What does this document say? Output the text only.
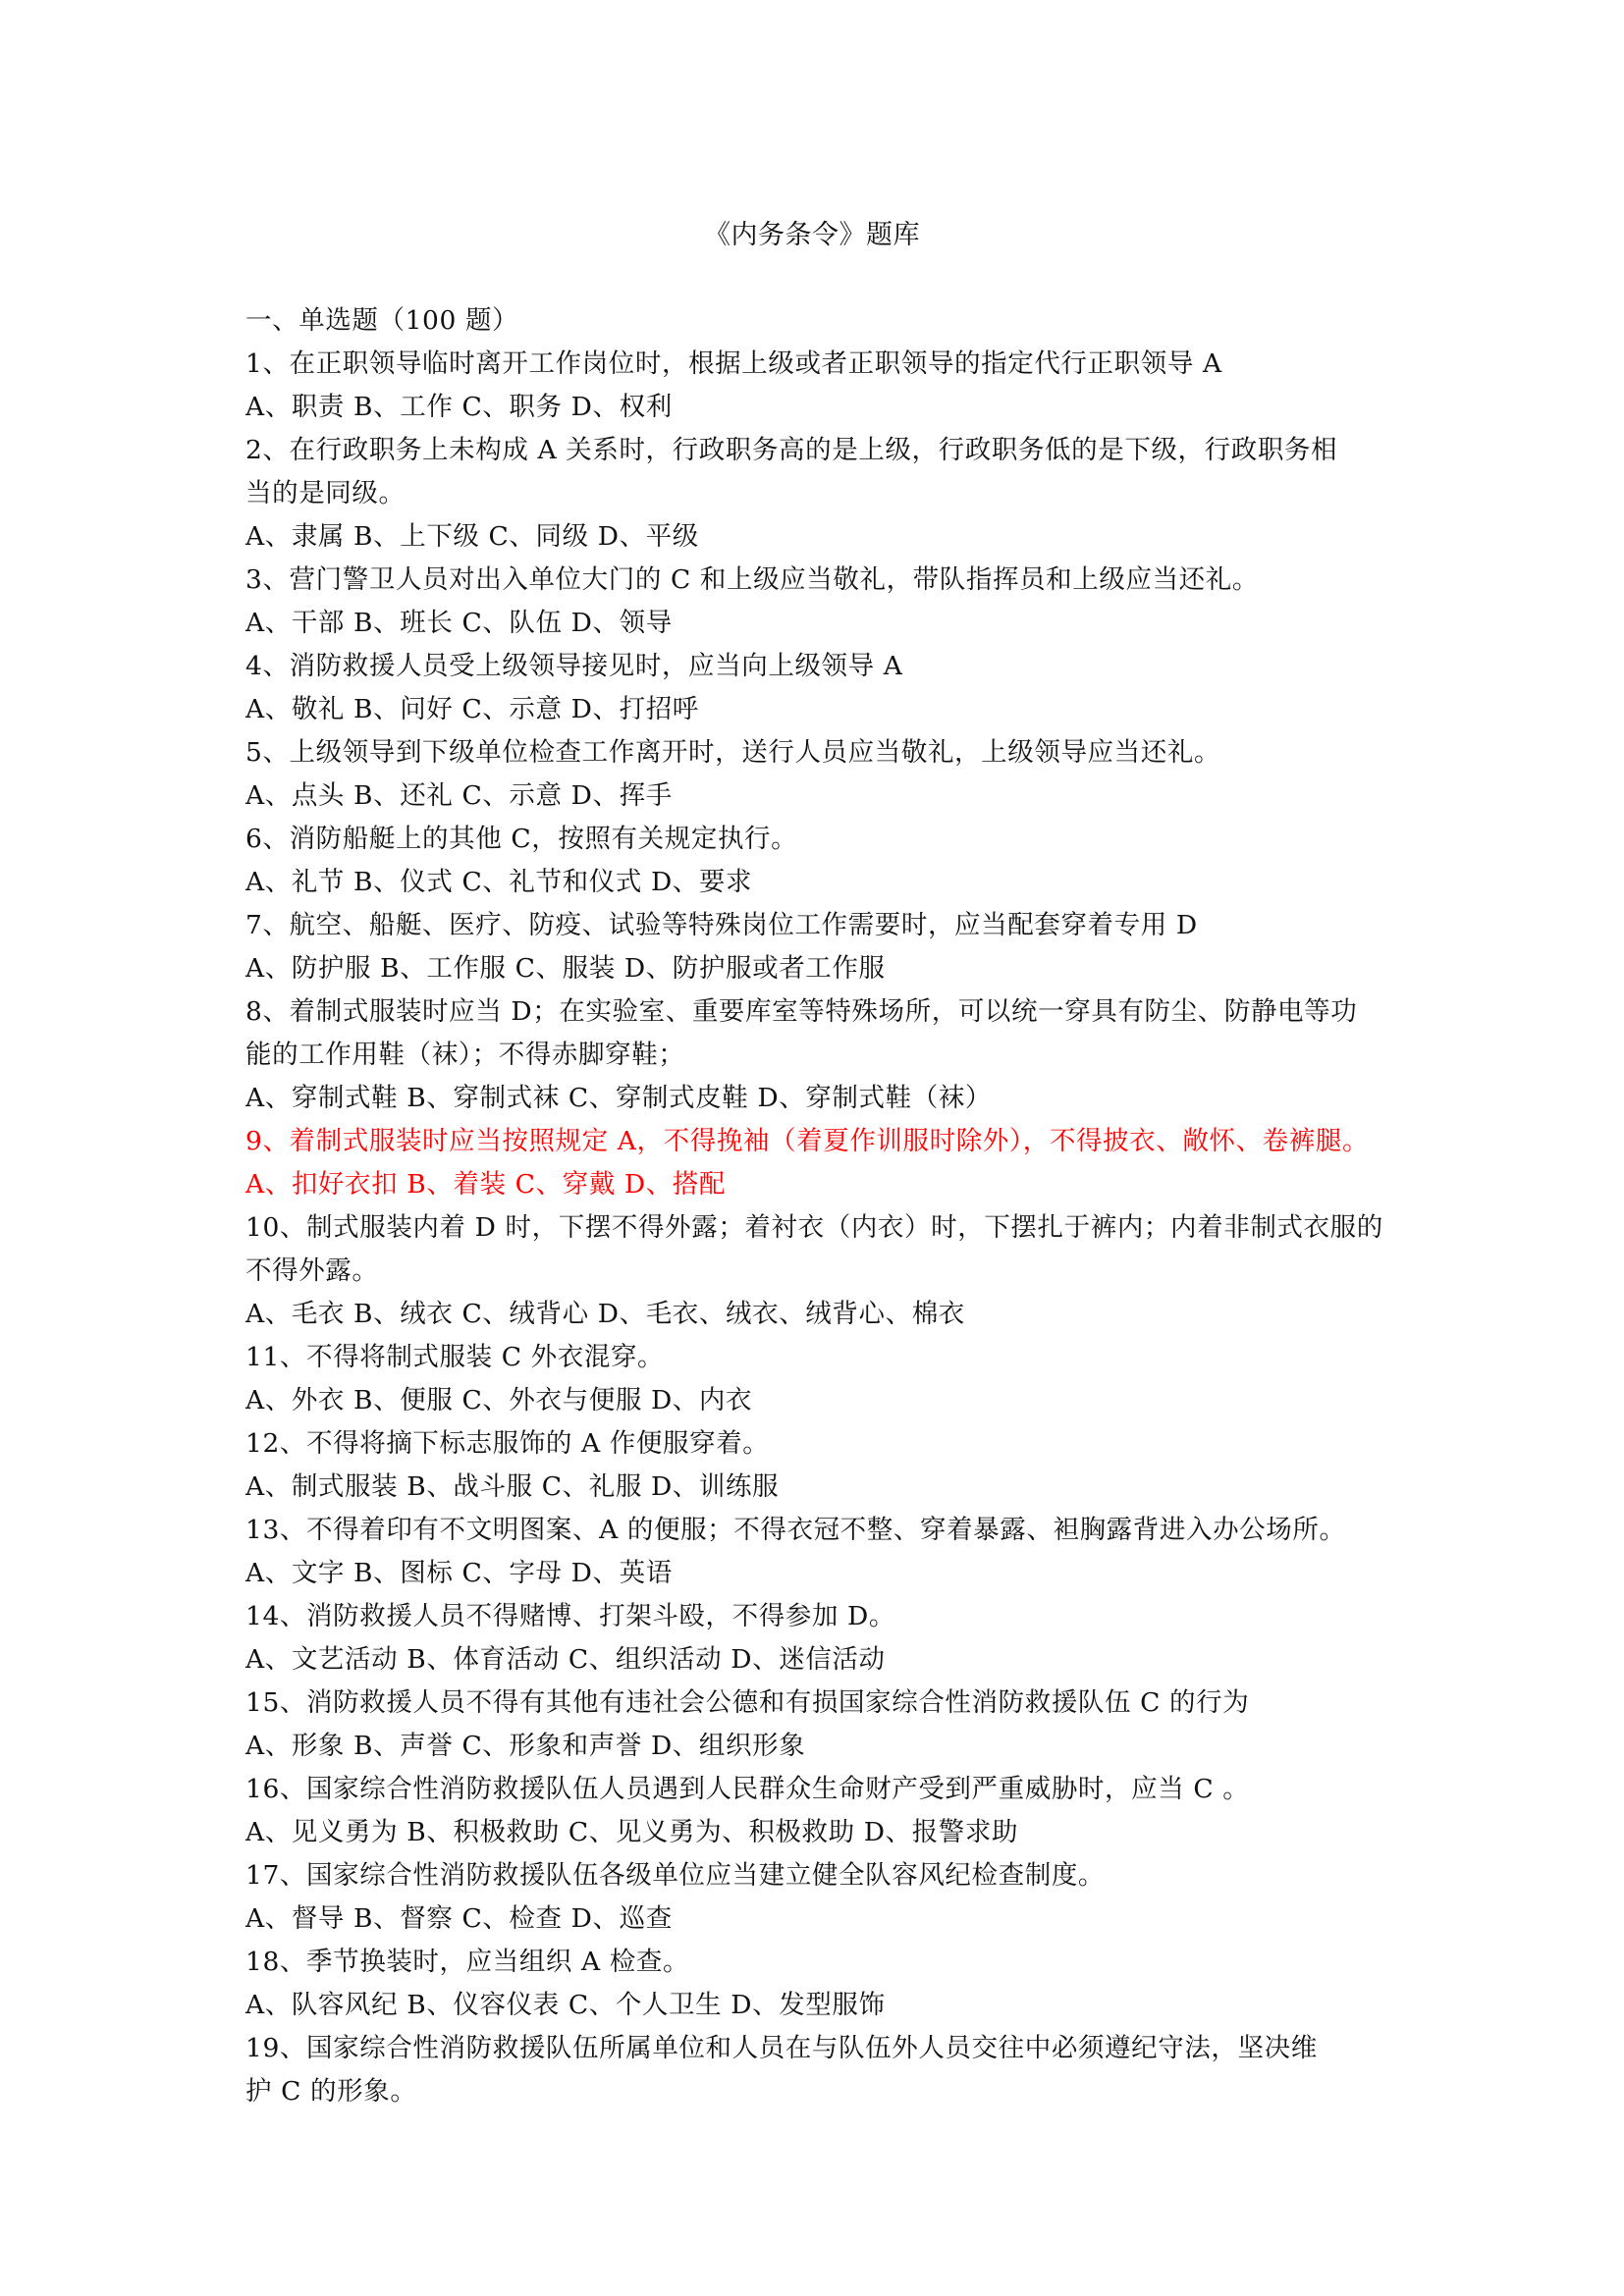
《内务条令》题库
一、单选题（100 题）
1、在正职领导临时离开工作岗位时，根据上级或者正职领导的指定代行正职领导 A
A、职责 B、工作 C、职务 D、权利
2、在行政职务上未构成 A 关系时，行政职务高的是上级，行政职务低的是下级，行政职务相
当的是同级。
A、隶属 B、上下级 C、同级 D、平级
3、营门警卫人员对出入单位大门的 C 和上级应当敬礼，带队指挥员和上级应当还礼。
A、干部 B、班长 C、队伍 D、领导
4、消防救援人员受上级领导接见时，应当向上级领导 A
A、敬礼 B、问好 C、示意 D、打招呼
5、上级领导到下级单位检查工作离开时，送行人员应当敬礼，上级领导应当还礼。
A、点头 B、还礼 C、示意 D、挥手
6、消防船艇上的其他 C，按照有关规定执行。
A、礼节 B、仪式 C、礼节和仪式 D、要求
7、航空、船艇、医疗、防疫、试验等特殊岗位工作需要时，应当配套穿着专用 D
A、防护服 B、工作服 C、服装 D、防护服或者工作服
8、着制式服装时应当 D；在实验室、重要库室等特殊场所，可以统一穿具有防尘、防静电等功
能的工作用鞋（袜）；不得赤脚穿鞋；
A、穿制式鞋 B、穿制式袜 C、穿制式皮鞋 D、穿制式鞋（袜）
9、着制式服装时应当按照规定 A，不得挽袖（着夏作训服时除外），不得披衣、敞怀、卷裤腿。
A、扣好衣扣 B、着装 C、穿戴 D、搭配
10、制式服装内着 D 时，下摆不得外露；着衬衣（内衣）时，下摆扎于裤内；内着非制式衣服的
不得外露。
A、毛衣 B、绒衣 C、绒背心 D、毛衣、绒衣、绒背心、棉衣
11、不得将制式服装 C 外衣混穿。
A、外衣 B、便服 C、外衣与便服 D、内衣
12、不得将摘下标志服饰的 A 作便服穿着。
A、制式服装 B、战斗服 C、礼服 D、训练服
13、不得着印有不文明图案、A 的便服；不得衣冠不整、穿着暴露、袒胸露背进入办公场所。
A、文字 B、图标 C、字母 D、英语
14、消防救援人员不得赌博、打架斗殴，不得参加 D。
A、文艺活动 B、体育活动 C、组织活动 D、迷信活动
15、消防救援人员不得有其他有违社会公德和有损国家综合性消防救援队伍 C 的行为
A、形象 B、声誉 C、形象和声誉 D、组织形象
16、国家综合性消防救援队伍人员遇到人民群众生命财产受到严重威胁时，应当 C 。
A、见义勇为 B、积极救助 C、见义勇为、积极救助 D、报警求助
17、国家综合性消防救援队伍各级单位应当建立健全队容风纪检查制度。
A、督导 B、督察 C、检查 D、巡查
18、季节换装时，应当组织 A 检查。
A、队容风纪 B、仪容仪表 C、个人卫生 D、发型服饰
19、国家综合性消防救援队伍所属单位和人员在与队伍外人员交往中必须遵纪守法，坚决维
护 C 的形象。
